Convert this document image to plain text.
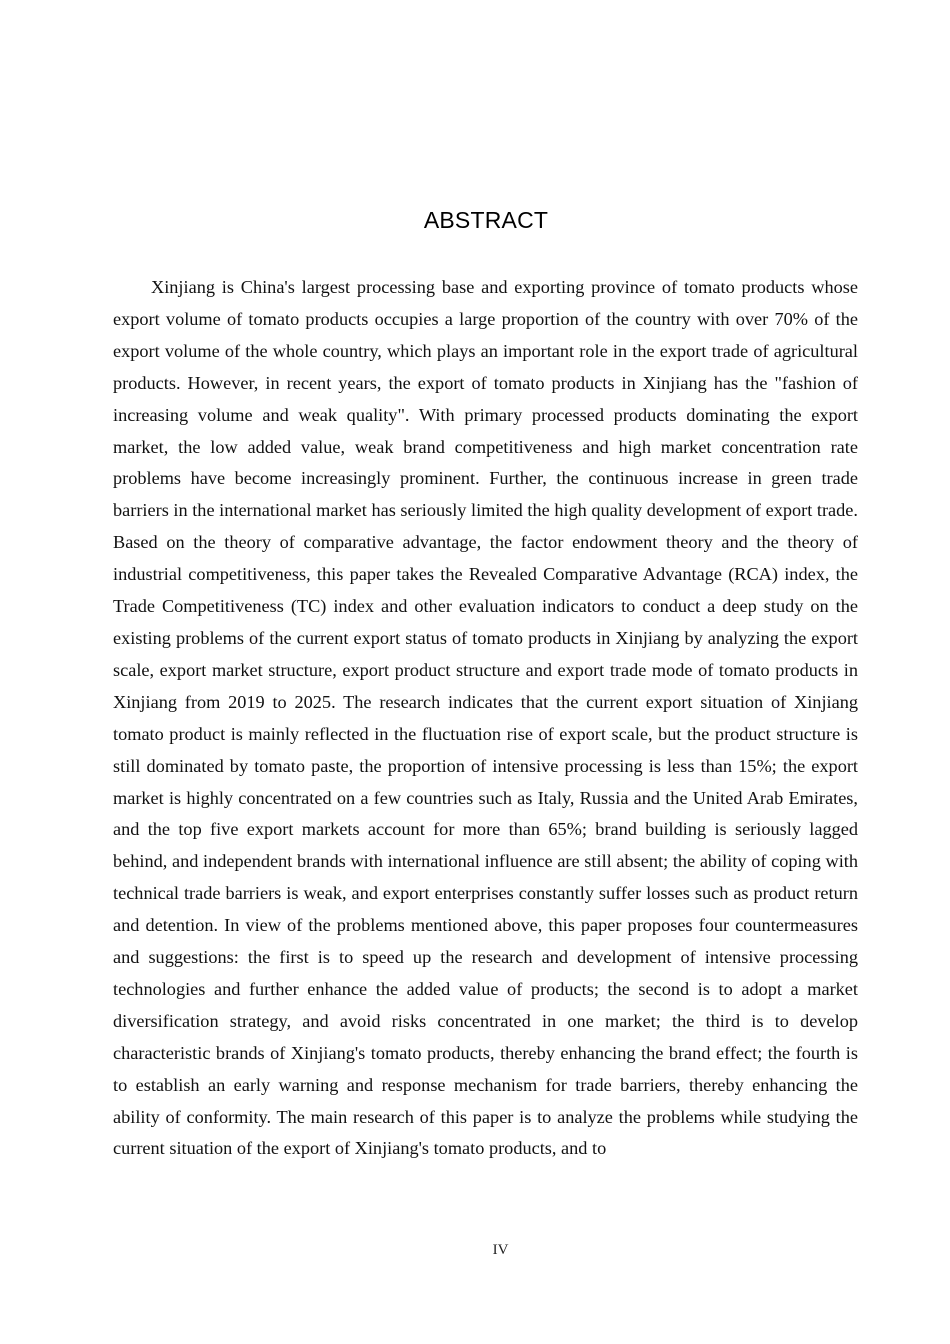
ABSTRACT

Xinjiang is China's largest processing base and exporting province of tomato products whose export volume of tomato products occupies a large proportion of the country with over 70% of the export volume of the whole country, which plays an important role in the export trade of agricultural products. However, in recent years, the export of tomato products in Xinjiang has the "fashion of increasing volume and weak quality". With primary processed products dominating the export market, the low added value, weak brand competitiveness and high market concentration rate problems have become increasingly prominent. Further, the continuous increase in green trade barriers in the international market has seriously limited the high quality development of export trade. Based on the theory of comparative advantage, the factor endowment theory and the theory of industrial competitiveness, this paper takes the Revealed Comparative Advantage (RCA) index, the Trade Competitiveness (TC) index and other evaluation indicators to conduct a deep study on the existing problems of the current export status of tomato products in Xinjiang by analyzing the export scale, export market structure, export product structure and export trade mode of tomato products in Xinjiang from 2019 to 2025. The research indicates that the current export situation of Xinjiang tomato product is mainly reflected in the fluctuation rise of export scale, but the product structure is still dominated by tomato paste, the proportion of intensive processing is less than 15%; the export market is highly concentrated on a few countries such as Italy, Russia and the United Arab Emirates, and the top five export markets account for more than 65%; brand building is seriously lagged behind, and independent brands with international influence are still absent; the ability of coping with technical trade barriers is weak, and export enterprises constantly suffer losses such as product return and detention. In view of the problems mentioned above, this paper proposes four countermeasures and suggestions: the first is to speed up the research and development of intensive processing technologies and further enhance the added value of products; the second is to adopt a market diversification strategy, and avoid risks concentrated in one market; the third is to develop characteristic brands of Xinjiang's tomato products, thereby enhancing the brand effect; the fourth is to establish an early warning and response mechanism for trade barriers, thereby enhancing the ability of conformity. The main research of this paper is to analyze the problems while studying the current situation of the export of Xinjiang's tomato products, and to

IV
